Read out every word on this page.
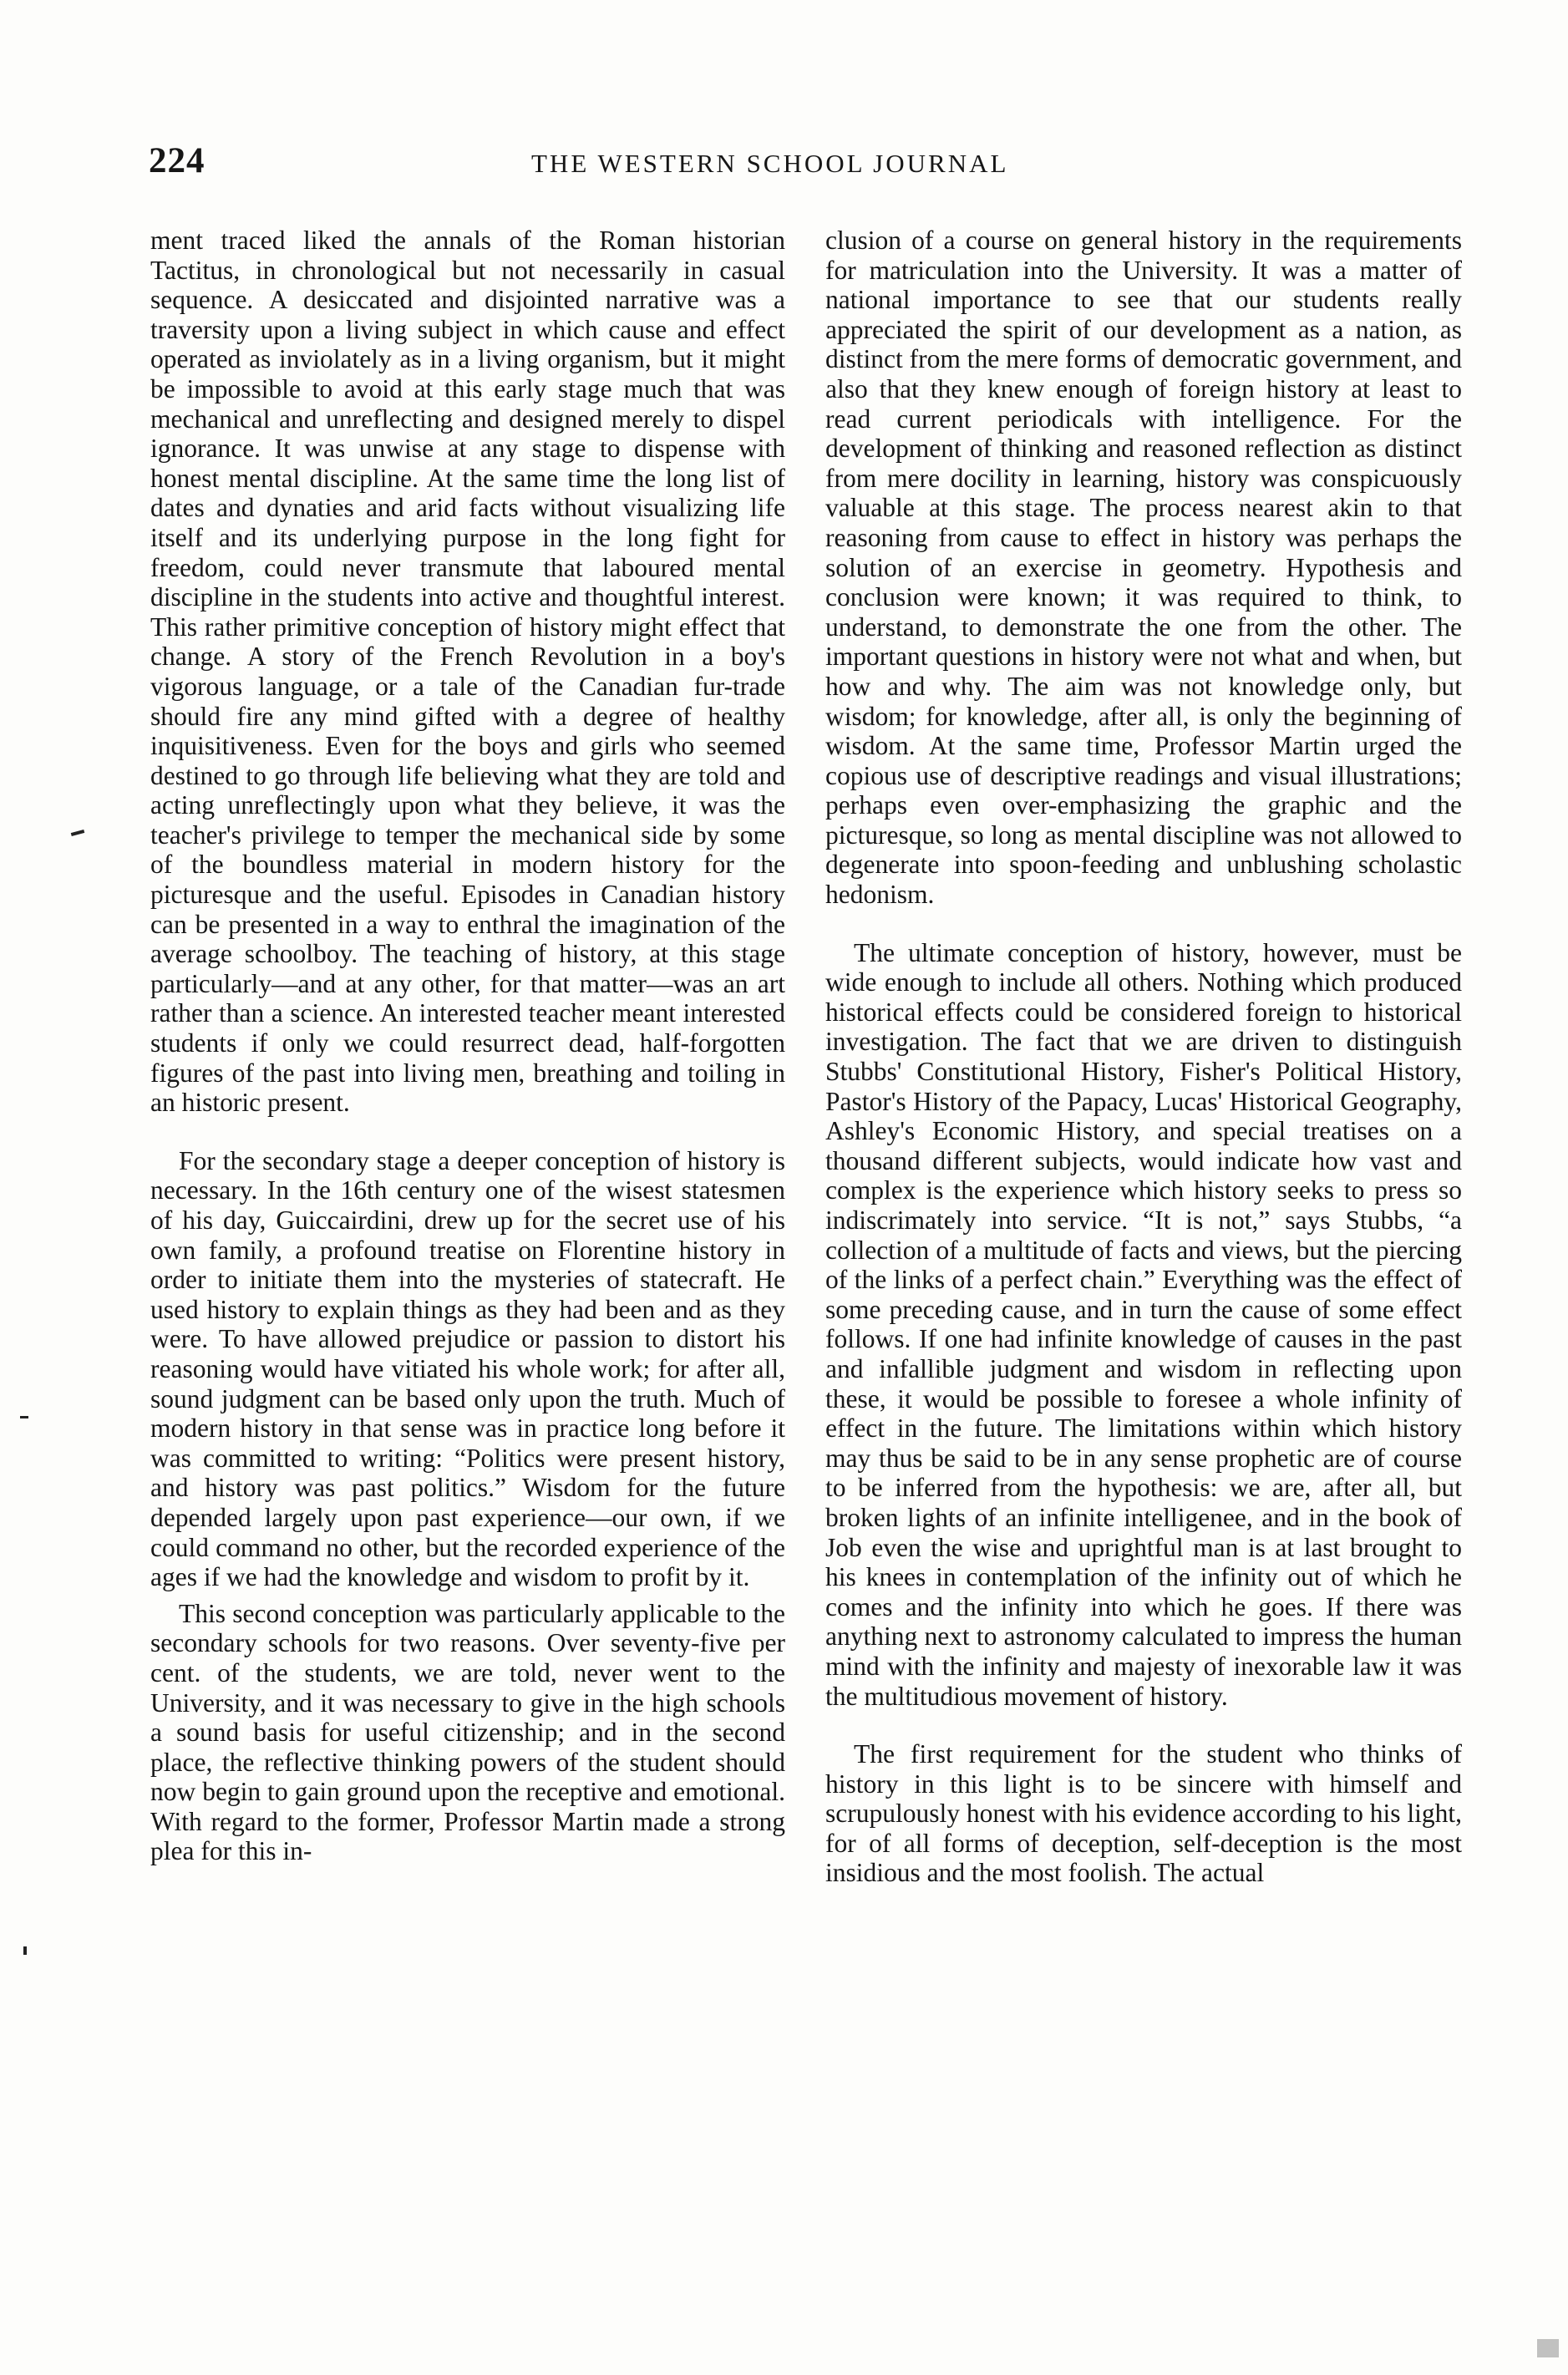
224	THE WESTERN SCHOOL JOURNAL

ment traced liked the annals of the Roman historian Tactitus, in chronological but not necessarily in casual sequence. A desiccated and disjointed narrative was a traversity upon a living subject in which cause and effect operated as inviolately as in a living organism, but it might be impossible to avoid at this early stage much that was mechanical and unreflecting and designed merely to dispel ignorance. It was unwise at any stage to dispense with honest mental discipline. At the same time the long list of dates and dynaties and arid facts without visualizing life itself and its underlying purpose in the long fight for freedom, could never transmute that laboured mental discipline in the students into active and thoughtful interest. This rather primitive conception of history might effect that change. A story of the French Revolution in a boy's vigorous language, or a tale of the Canadian fur-trade should fire any mind gifted with a degree of healthy inquisitiveness. Even for the boys and girls who seemed destined to go through life believing what they are told and acting unreflectingly upon what they believe, it was the teacher's privilege to temper the mechanical side by some of the boundless material in modern history for the picturesque and the useful. Episodes in Canadian history can be presented in a way to enthral the imagination of the average schoolboy. The teaching of history, at this stage particularly—and at any other, for that matter—was an art rather than a science. An interested teacher meant interested students if only we could resurrect dead, half-forgotten figures of the past into living men, breathing and toiling in an historic present.

For the secondary stage a deeper conception of history is necessary. In the 16th century one of the wisest statesmen of his day, Guiccairdini, drew up for the secret use of his own family, a profound treatise on Florentine history in order to initiate them into the mysteries of statecraft. He used history to explain things as they had been and as they were. To have allowed prejudice or passion to distort his reasoning would have vitiated his whole work; for after all, sound judgment can be based only upon the truth. Much of modern history in that sense was in practice long before it was committed to writing: “Politics were present history, and history was past politics.” Wisdom for the future depended largely upon past experience—our own, if we could command no other, but the recorded experience of the ages if we had the knowledge and wisdom to profit by it.

This second conception was particularly applicable to the secondary schools for two reasons. Over seventy-five per cent. of the students, we are told, never went to the University, and it was necessary to give in the high schools a sound basis for useful citizenship; and in the second place, the reflective thinking powers of the student should now begin to gain ground upon the receptive and emotional. With regard to the former, Professor Martin made a strong plea for this in-

clusion of a course on general history in the requirements for matriculation into the University. It was a matter of national importance to see that our students really appreciated the spirit of our development as a nation, as distinct from the mere forms of democratic government, and also that they knew enough of foreign history at least to read current periodicals with intelligence. For the development of thinking and reasoned reflection as distinct from mere docility in learning, history was conspicuously valuable at this stage. The process nearest akin to that reasoning from cause to effect in history was perhaps the solution of an exercise in geometry. Hypothesis and conclusion were known; it was required to think, to understand, to demonstrate the one from the other. The important questions in history were not what and when, but how and why. The aim was not knowledge only, but wisdom; for knowledge, after all, is only the beginning of wisdom. At the same time, Professor Martin urged the copious use of descriptive readings and visual illustrations; perhaps even over-emphasizing the graphic and the picturesque, so long as mental discipline was not allowed to degenerate into spoon-feeding and unblushing scholastic hedonism.

The ultimate conception of history, however, must be wide enough to include all others. Nothing which produced historical effects could be considered foreign to historical investigation. The fact that we are driven to distinguish Stubbs' Constitutional History, Fisher's Political History, Pastor's History of the Papacy, Lucas' Historical Geography, Ashley's Economic History, and special treatises on a thousand different subjects, would indicate how vast and complex is the experience which history seeks to press so indiscrimately into service. “It is not,” says Stubbs, “a collection of a multitude of facts and views, but the piercing of the links of a perfect chain.” Everything was the effect of some preceding cause, and in turn the cause of some effect follows. If one had infinite knowledge of causes in the past and infallible judgment and wisdom in reflecting upon these, it would be possible to foresee a whole infinity of effect in the future. The limitations within which history may thus be said to be in any sense prophetic are of course to be inferred from the hypothesis: we are, after all, but broken lights of an infinite intelligenee, and in the book of Job even the wise and uprightful man is at last brought to his knees in contemplation of the infinity out of which he comes and the infinity into which he goes. If there was anything next to astronomy calculated to impress the human mind with the infinity and majesty of inexorable law it was the multitudious movement of history.

The first requirement for the student who thinks of history in this light is to be sincere with himself and scrupulously honest with his evidence according to his light, for of all forms of deception, self-deception is the most insidious and the most foolish. The actual
